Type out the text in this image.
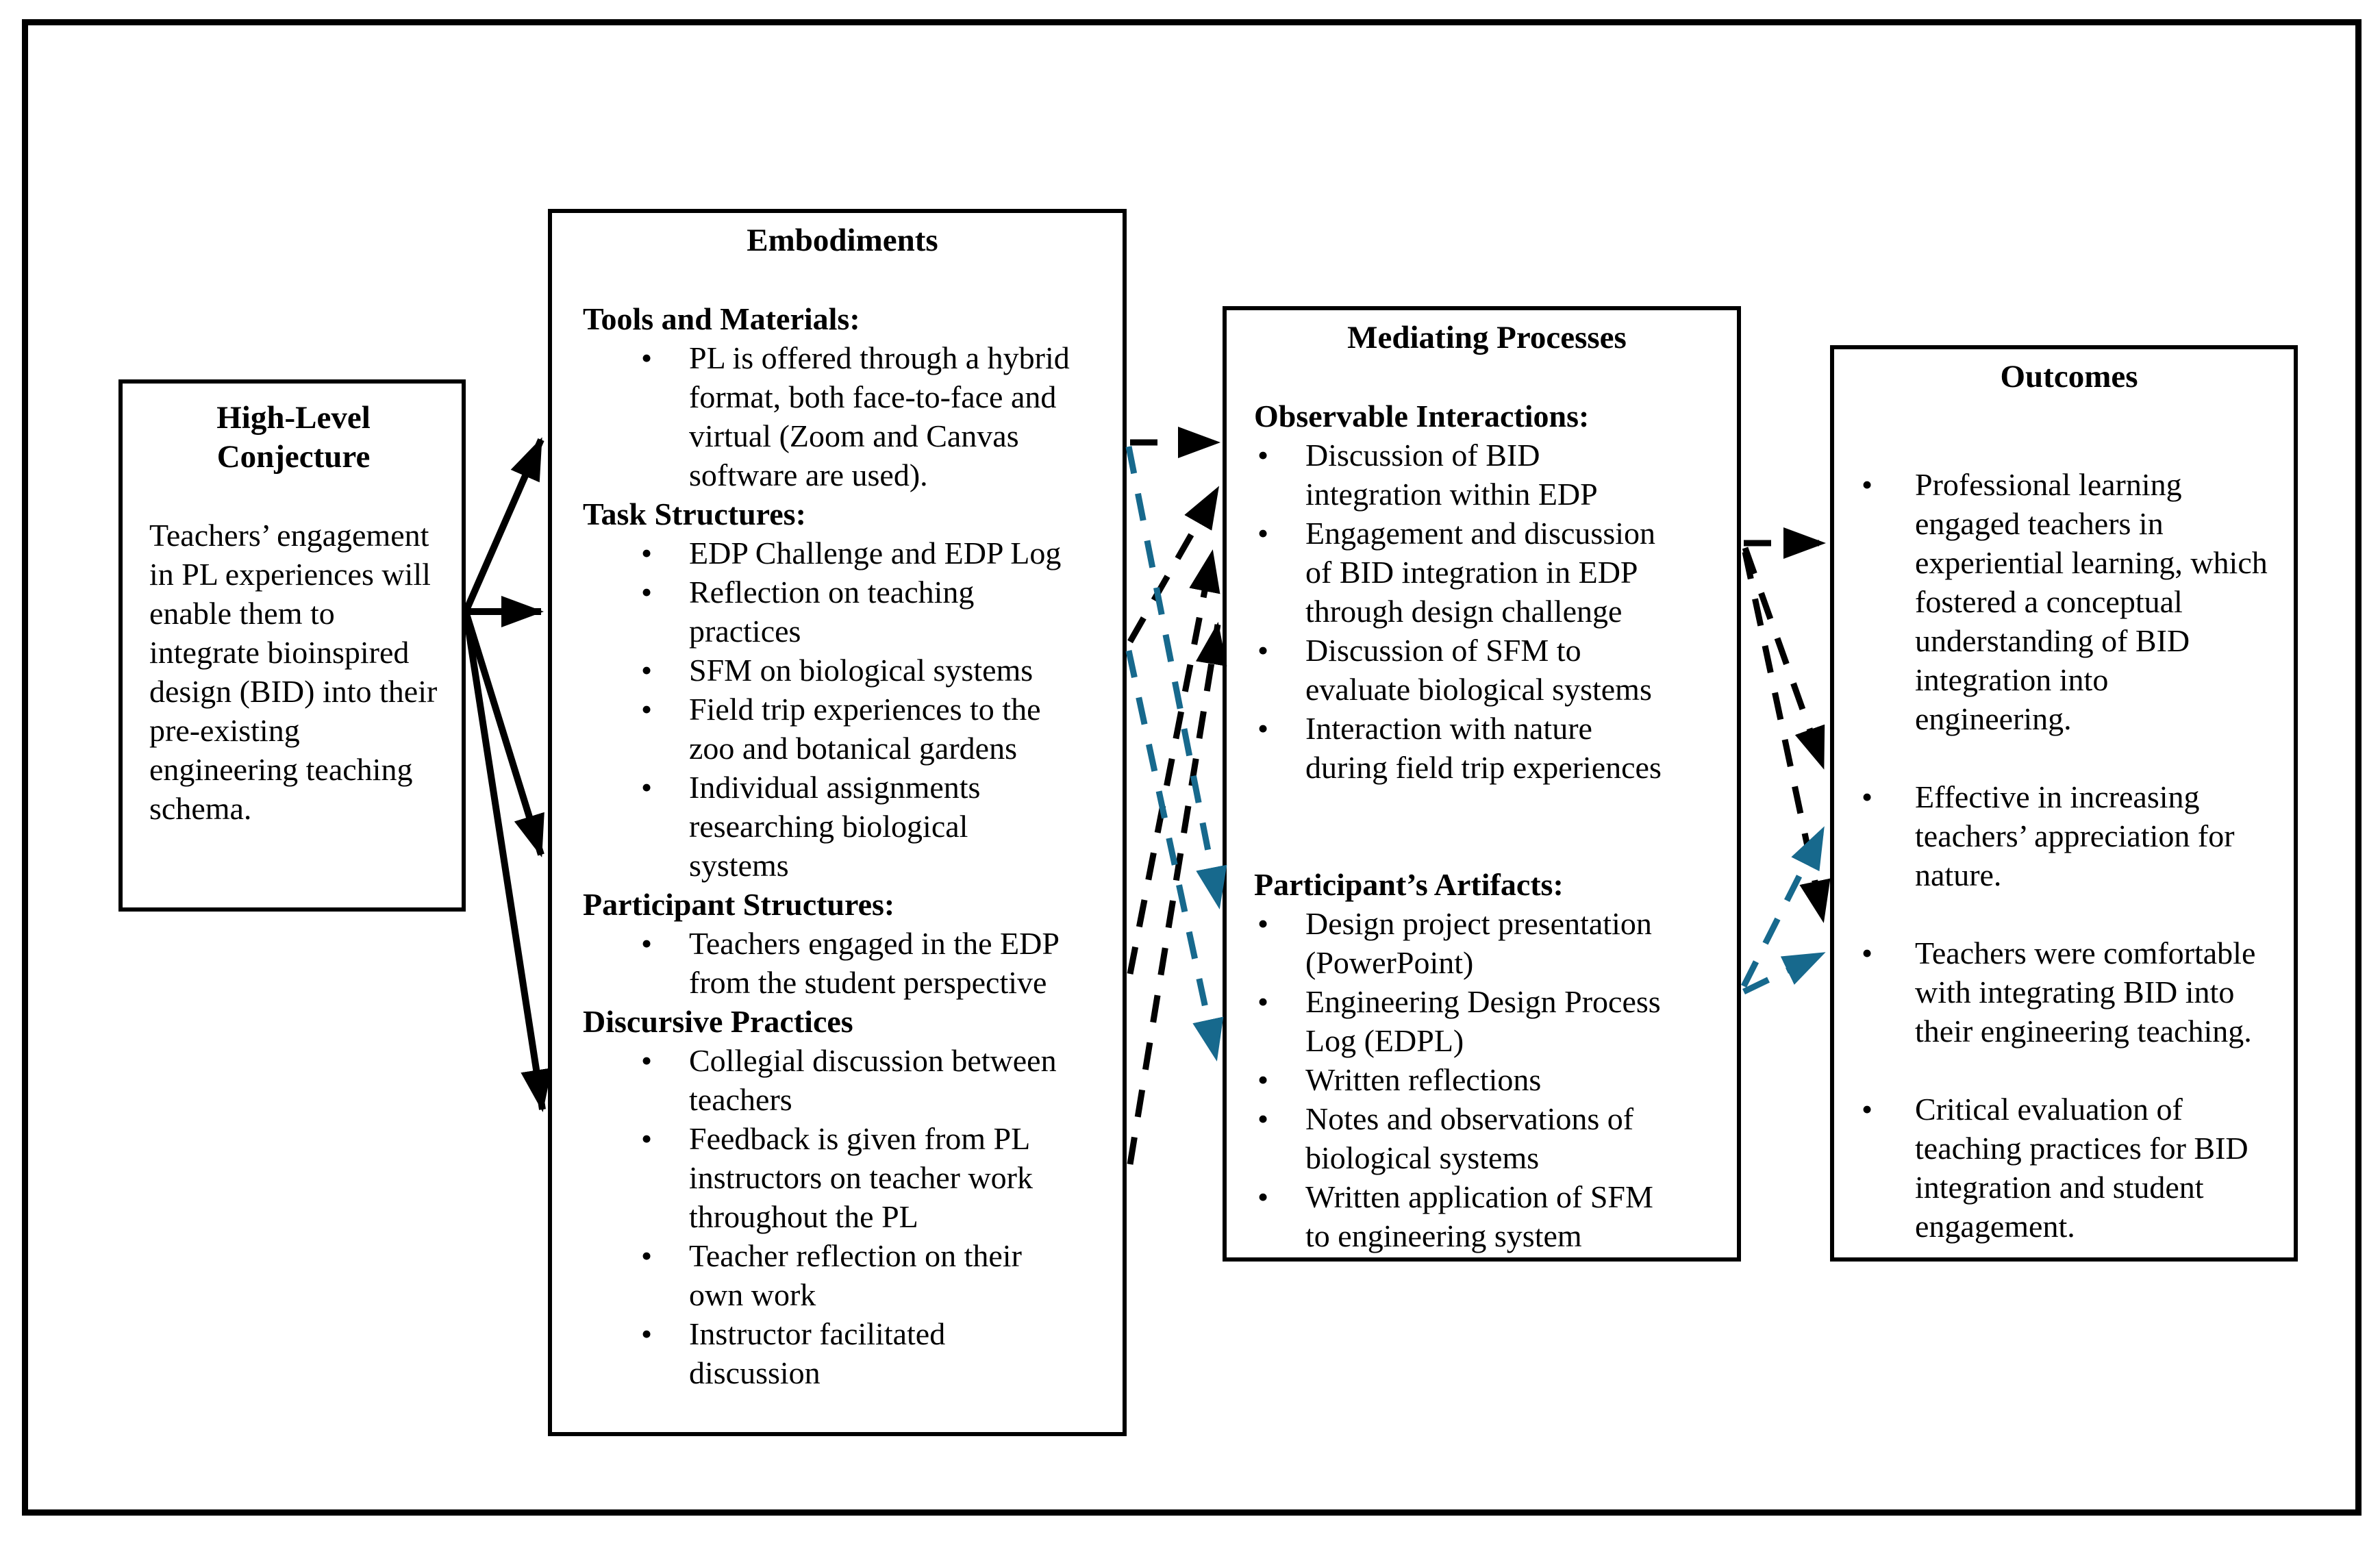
High-Level Conjecture
Teachers’ engagement in PL experiences will enable them to integrate bioinspired design (BID) into their pre-existing engineering teaching schema.
Embodiments
Tools and Materials:
• PL is offered through a hybrid format, both face-to-face and virtual (Zoom and Canvas software are used).
Task Structures:
• EDP Challenge and EDP Log
• Reflection on teaching practices
• SFM on biological systems
• Field trip experiences to the zoo and botanical gardens
• Individual assignments researching biological systems
Participant Structures:
• Teachers engaged in the EDP from the student perspective
Discursive Practices
• Collegial discussion between teachers
• Feedback is given from PL instructors on teacher work throughout the PL
• Teacher reflection on their own work
• Instructor facilitated discussion
Mediating Processes
Observable Interactions:
• Discussion of BID integration within EDP
• Engagement and discussion of BID integration in EDP through design challenge
• Discussion of SFM to evaluate biological systems
• Interaction with nature during field trip experiences
Participant’s Artifacts:
• Design project presentation (PowerPoint)
• Engineering Design Process Log (EDPL)
• Written reflections
• Notes and observations of biological systems
• Written application of SFM to engineering system
Outcomes
• Professional learning engaged teachers in experiential learning, which fostered a conceptual understanding of BID integration into engineering.
• Effective in increasing teachers’ appreciation for nature.
• Teachers were comfortable with integrating BID into their engineering teaching.
• Critical evaluation of teaching practices for BID integration and student engagement.
